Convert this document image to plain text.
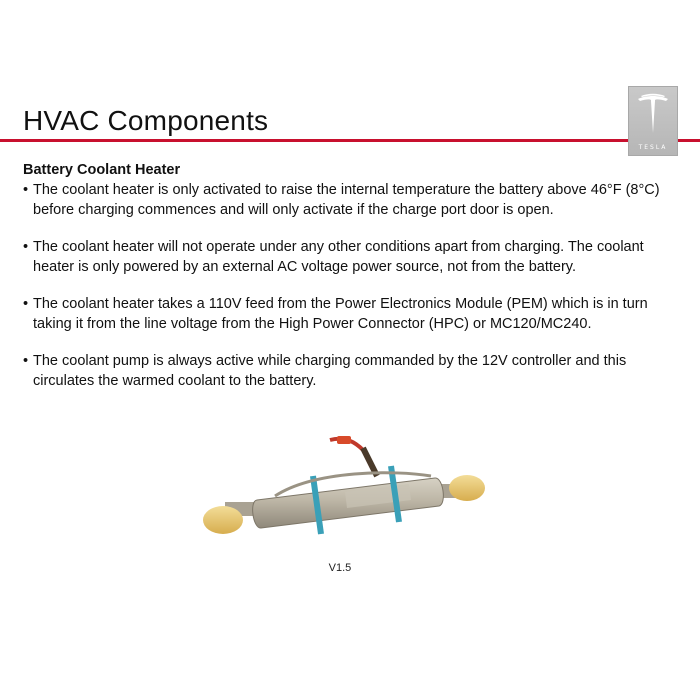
HVAC Components
TESLA
Battery Coolant Heater
• The coolant heater is only activated to raise the internal temperature the battery above 46°F (8°C) before charging commences and will only activate if the charge port door is open.
• The coolant heater will not operate under any other conditions apart from charging. The coolant heater is only powered by an external AC voltage power source, not from the battery.
• The coolant heater takes a 110V feed from the Power Electronics Module (PEM) which is in turn taking it from the line voltage from the High Power Connector (HPC) or MC120/MC240.
• The coolant pump is always active while charging commanded by the 12V controller and this circulates the warmed coolant to the battery.
V1.5
